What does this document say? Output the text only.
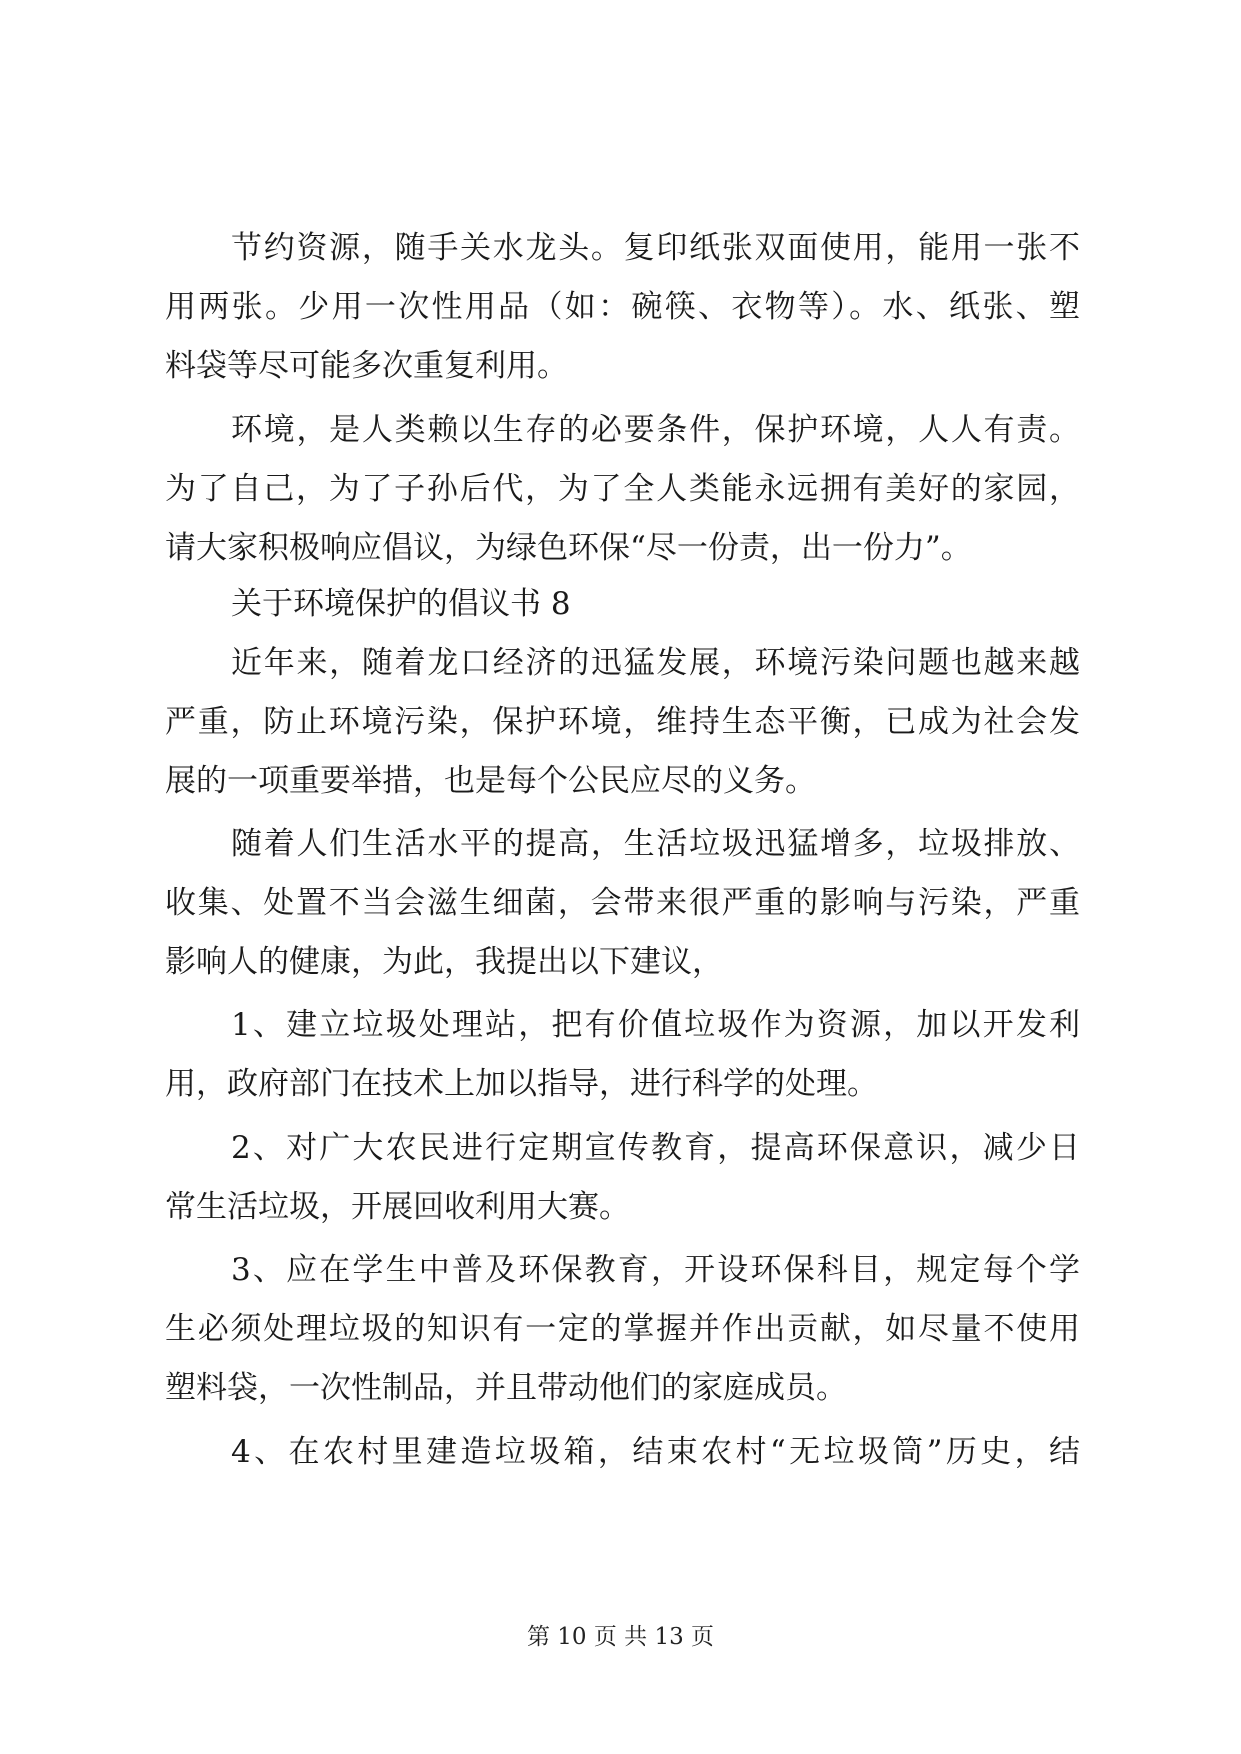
节约资源，随手关水龙头。复印纸张双面使用，能用一张不
用两张。少用一次性用品（如：碗筷、衣物等）。水、纸张、塑
料袋等尽可能多次重复利用。
环境，是人类赖以生存的必要条件，保护环境，人人有责。
为了自己，为了子孙后代，为了全人类能永远拥有美好的家园，
请大家积极响应倡议，为绿色环保“尽一份责，出一份力”。
关于环境保护的倡议书 8
近年来，随着龙口经济的迅猛发展，环境污染问题也越来越
严重，防止环境污染，保护环境，维持生态平衡，已成为社会发
展的一项重要举措，也是每个公民应尽的义务。
随着人们生活水平的提高，生活垃圾迅猛增多，垃圾排放、
收集、处置不当会滋生细菌，会带来很严重的影响与污染，严重
影响人的健康，为此，我提出以下建议，
1、建立垃圾处理站，把有价值垃圾作为资源，加以开发利
用，政府部门在技术上加以指导，进行科学的处理。
2、对广大农民进行定期宣传教育，提高环保意识，减少日
常生活垃圾，开展回收利用大赛。
3、应在学生中普及环保教育，开设环保科目，规定每个学
生必须处理垃圾的知识有一定的掌握并作出贡献，如尽量不使用
塑料袋，一次性制品，并且带动他们的家庭成员。
4、在农村里建造垃圾箱，结束农村“无垃圾筒”历史，结
第 10 页 共 13 页
